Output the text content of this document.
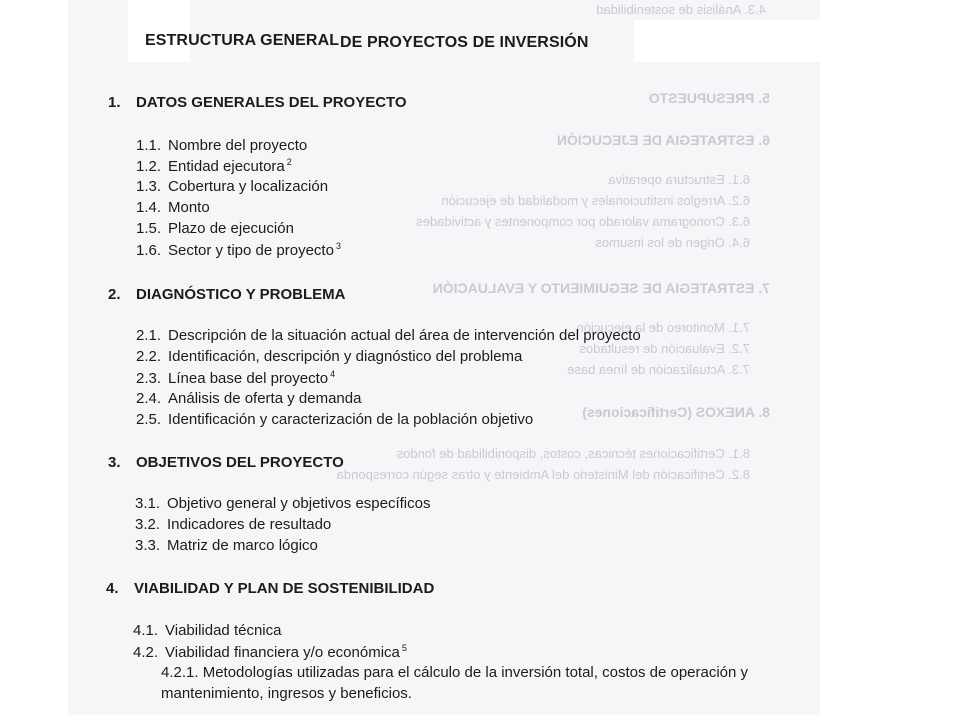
4.3. Análisis de sostenibilidad
5. PRESUPUESTO
6. ESTRATEGIA DE EJECUCIÓN
6.1. Estructura operativa
6.2. Arreglos institucionales y modalidad de ejecución
6.3. Cronograma valorado por componentes y actividades
6.4. Origen de los insumos
7. ESTRATEGIA DE SEGUIMIENTO Y EVALUACIÓN
7.1. Monitoreo de la ejecución
7.2. Evaluación de resultados
7.3. Actualización de línea base
8. ANEXOS (Certificaciones)
8.1. Certificaciones técnicas, costos, disponibilidad de fondos
8.2. Certificación del Ministerio del Ambiente y otras según corresponda
ESTRUCTURA GENERAL DE PROYECTOS DE INVERSIÓN
1. DATOS GENERALES DEL PROYECTO
1.1. Nombre del proyecto
1.2. Entidad ejecutora $^2$
1.3. Cobertura y localización
1.4. Monto
1.5. Plazo de ejecución
1.6. Sector y tipo de proyecto $^3$
2. DIAGNÓSTICO Y PROBLEMA
2.1. Descripción de la situación actual del área de intervención del proyecto
2.2. Identificación, descripción y diagnóstico del problema
2.3. Línea base del proyecto $^4$
2.4. Análisis de oferta y demanda
2.5. Identificación y caracterización de la población objetivo
3. OBJETIVOS DEL PROYECTO
3.1. Objetivo general y objetivos específicos
3.2. Indicadores de resultado
3.3. Matriz de marco lógico
4. VIABILIDAD Y PLAN DE SOSTENIBILIDAD
4.1. Viabilidad técnica
4.2. Viabilidad financiera y/o económica $^5$
4.2.1. Metodologías utilizadas para el cálculo de la inversión total, costos de operación y
mantenimiento, ingresos y beneficios.
